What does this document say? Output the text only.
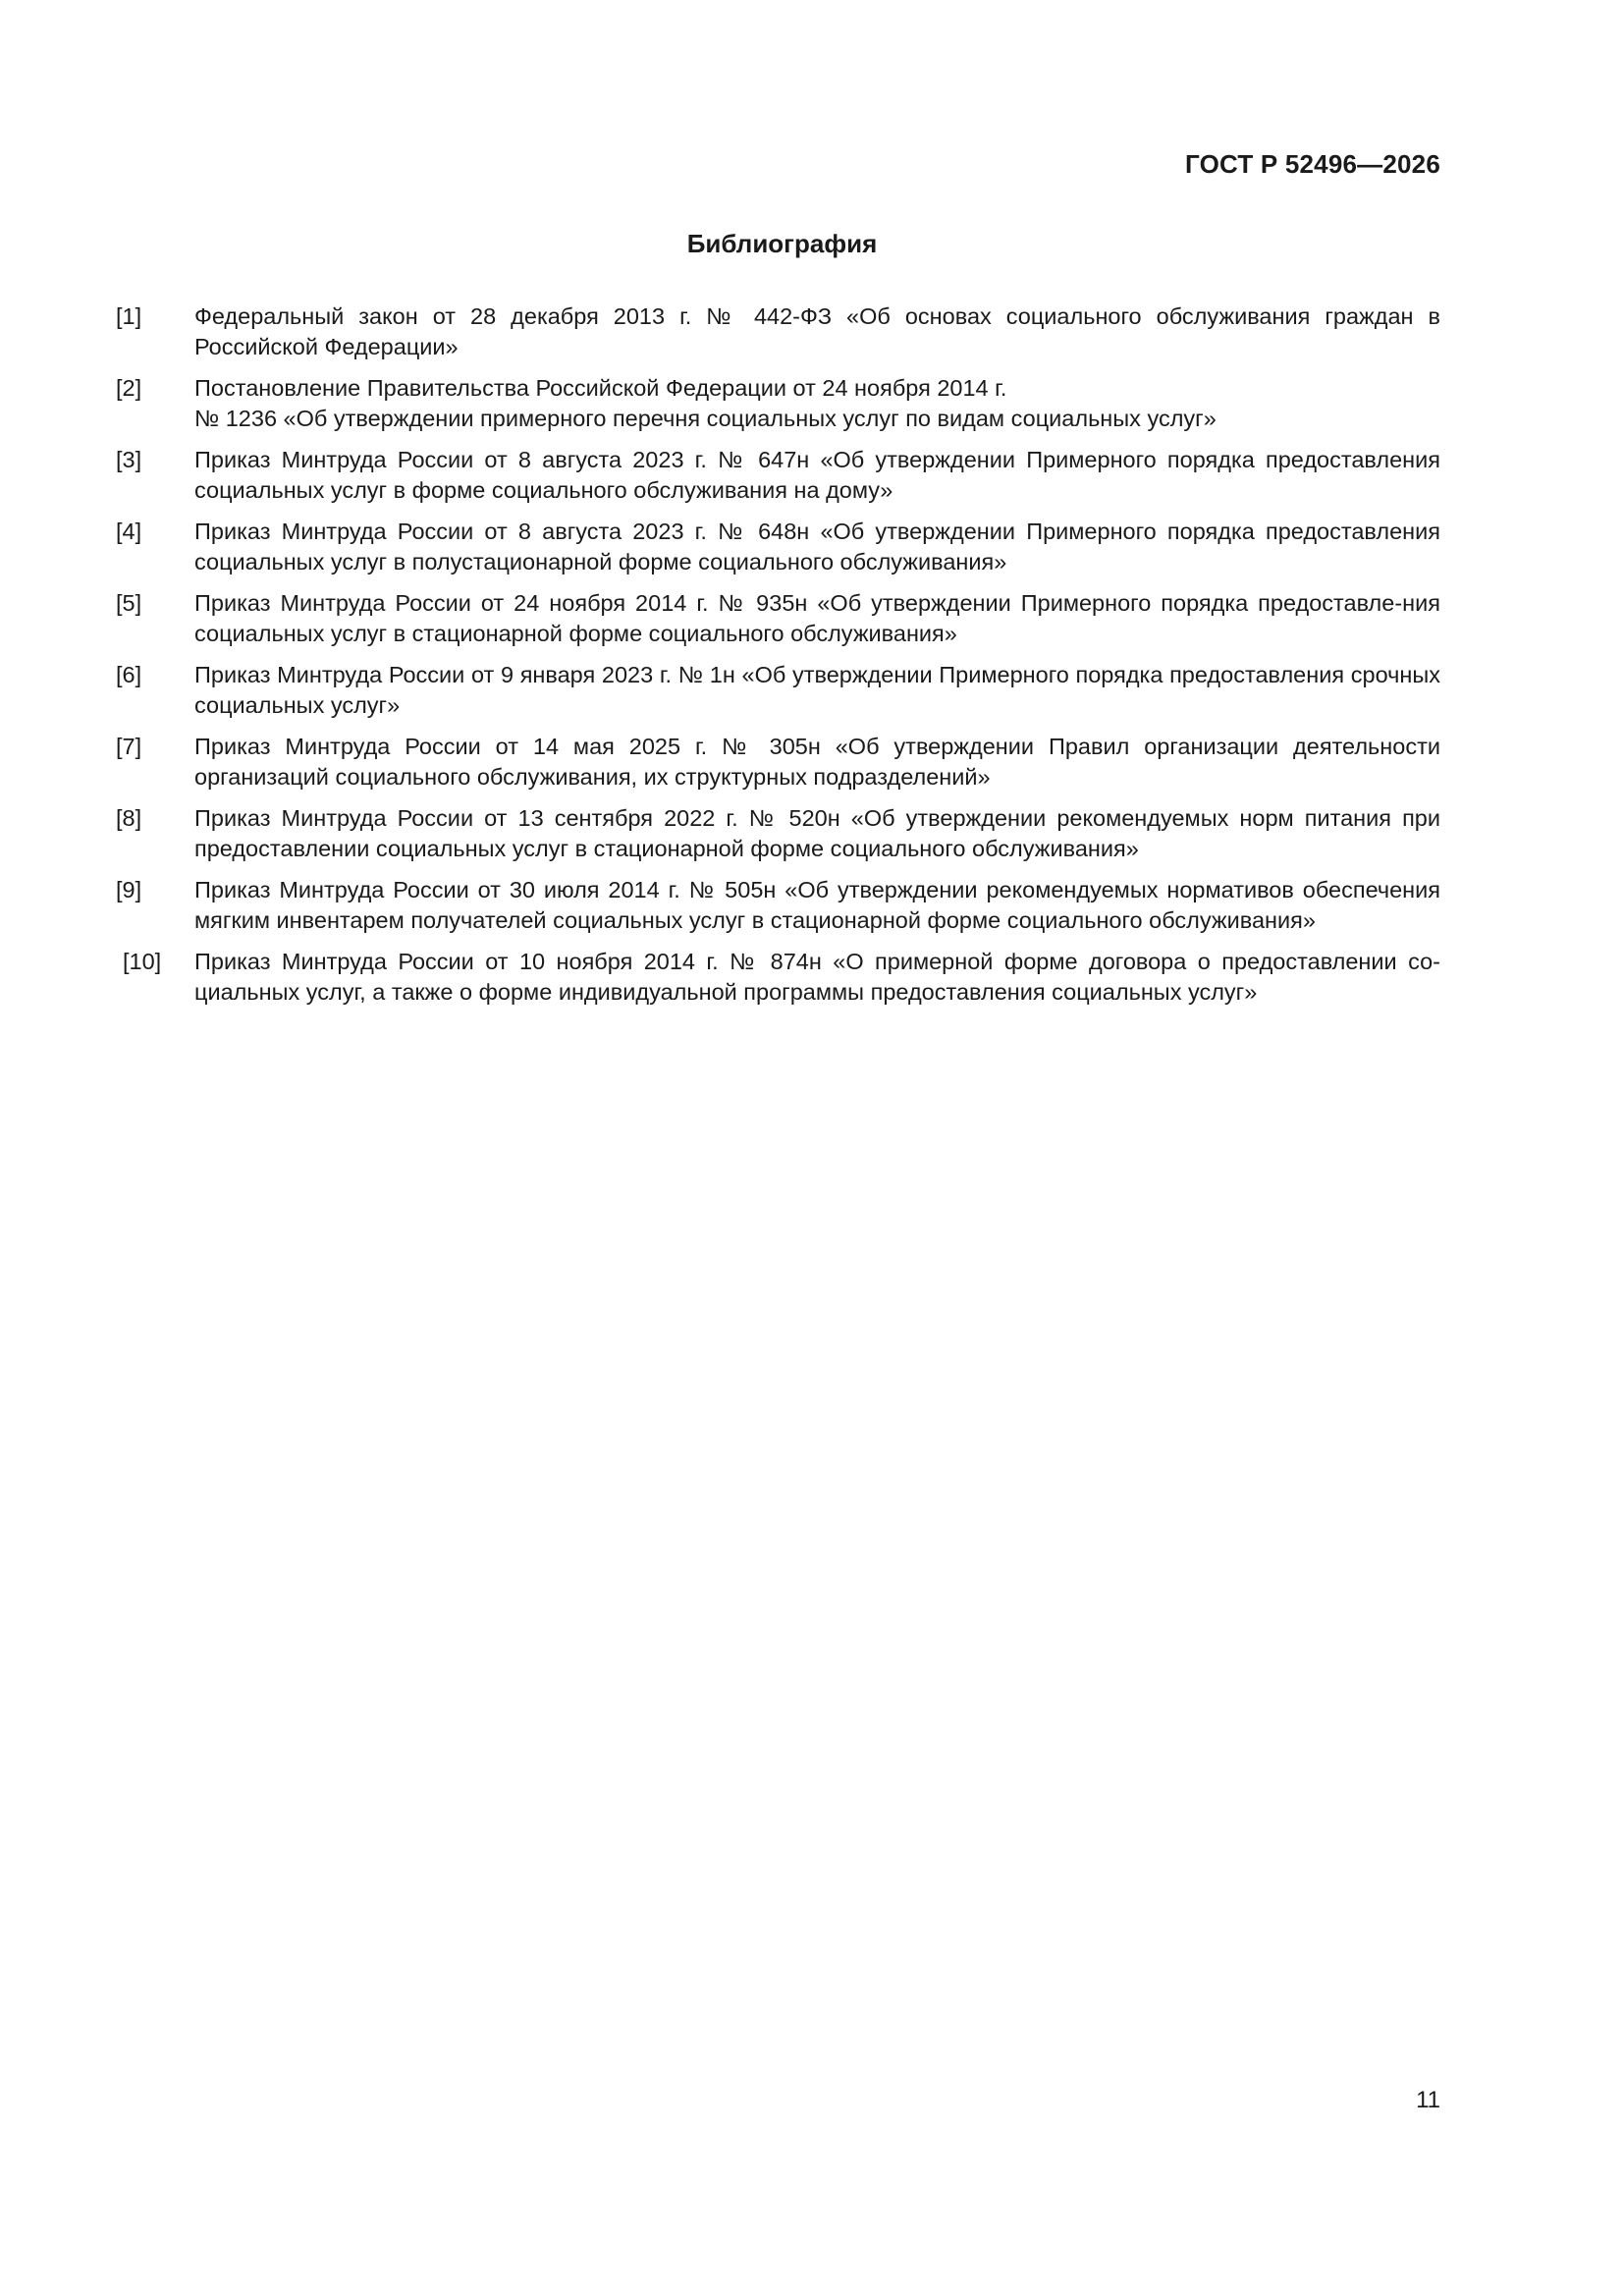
ГОСТ Р 52496—2026
Библиография
[1]	Федеральный закон от 28 декабря 2013 г. № 442-ФЗ «Об основах социального обслуживания граждан в Российской Федерации»

[2]	Постановление Правительства Российской Федерации от 24 ноября 2014 г.
№ 1236 «Об утверждении примерного перечня социальных услуг по видам социальных услуг»

[3]	Приказ Минтруда России от 8 августа 2023 г. № 647н «Об утверждении Примерного порядка предоставления социальных услуг в форме социального обслуживания на дому»

[4]	Приказ Минтруда России от 8 августа 2023 г. № 648н «Об утверждении Примерного порядка предоставления социальных услуг в полустационарной форме социального обслуживания»

[5]	Приказ Минтруда России от 24 ноября 2014 г. № 935н «Об утверждении Примерного порядка предоставле-ния социальных услуг в стационарной форме социального обслуживания»

[6]	Приказ Минтруда России от 9 января 2023 г. № 1н «Об утверждении Примерного порядка предоставления срочных социальных услуг»

[7]	Приказ Минтруда России от 14 мая 2025 г. № 305н «Об утверждении Правил организации деятельности организаций социального обслуживания, их структурных подразделений»

[8]	Приказ Минтруда России от 13 сентября 2022 г. № 520н «Об утверждении рекомендуемых норм питания при предоставлении социальных услуг в стационарной форме социального обслуживания»

[9]	Приказ Минтруда России от 30 июля 2014 г. № 505н «Об утверждении рекомендуемых нормативов обеспечения мягким инвентарем получателей социальных услуг в стационарной форме социального обслуживания»

[10]	Приказ Минтруда России от 10 ноября 2014 г. № 874н «О примерной форме договора о предоставлении со-циальных услуг, а также о форме индивидуальной программы предоставления социальных услуг»

11
